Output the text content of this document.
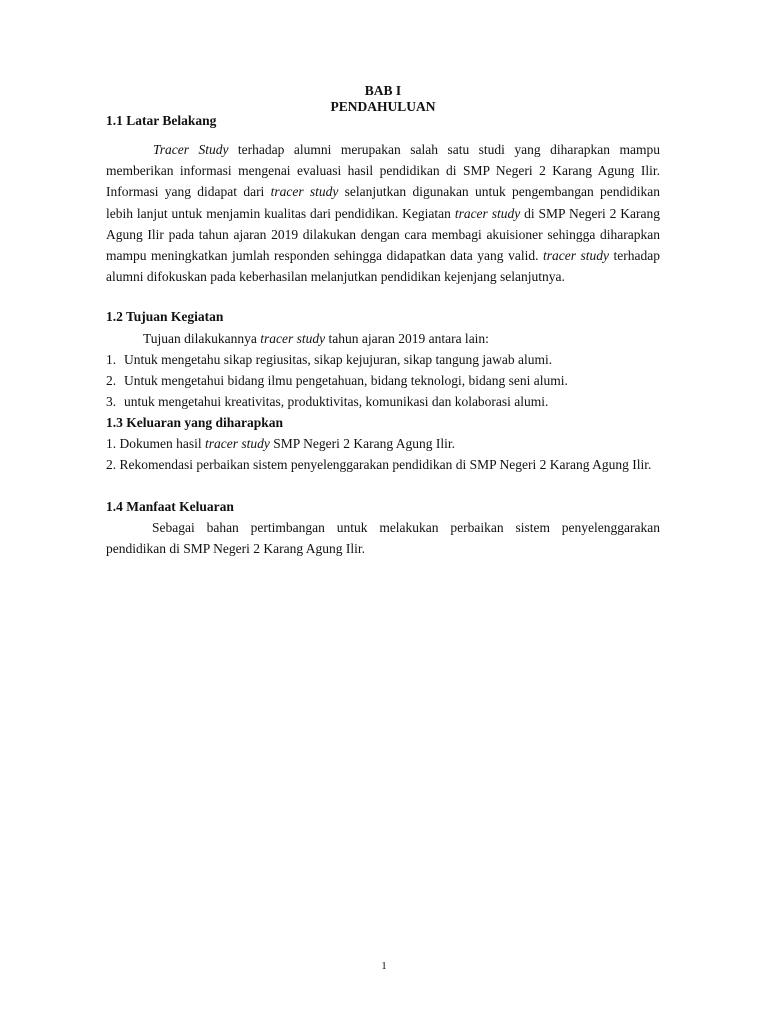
BAB I
PENDAHULUAN
1.1 Latar Belakang
Tracer Study terhadap alumni merupakan salah satu studi yang diharapkan mampu memberikan informasi mengenai evaluasi hasil pendidikan di SMP Negeri 2 Karang Agung Ilir. Informasi yang didapat dari tracer study selanjutkan digunakan untuk pengembangan pendidikan lebih lanjut untuk menjamin kualitas dari pendidikan. Kegiatan tracer study di SMP Negeri 2 Karang Agung Ilir pada tahun ajaran 2019 dilakukan dengan cara membagi akuisioner sehingga diharapkan mampu meningkatkan jumlah responden sehingga didapatkan data yang valid. tracer study terhadap alumni difokuskan pada keberhasilan melanjutkan pendidikan kejenjang selanjutnya.
1.2 Tujuan Kegiatan
Tujuan dilakukannya tracer study tahun ajaran 2019 antara lain:
1. Untuk mengetahu sikap regiusitas, sikap kejujuran, sikap tangung jawab alumi.
2. Untuk mengetahui bidang ilmu pengetahuan, bidang teknologi, bidang seni alumi.
3. untuk mengetahui kreativitas, produktivitas, komunikasi dan kolaborasi alumi.
1.3 Keluaran yang diharapkan
1. Dokumen hasil tracer study SMP Negeri 2 Karang Agung Ilir.
2. Rekomendasi perbaikan sistem penyelenggarakan pendidikan di SMP Negeri 2 Karang Agung Ilir.
1.4 Manfaat Keluaran
Sebagai bahan pertimbangan untuk melakukan perbaikan sistem penyelenggarakan pendidikan di SMP Negeri 2 Karang Agung Ilir.
1
